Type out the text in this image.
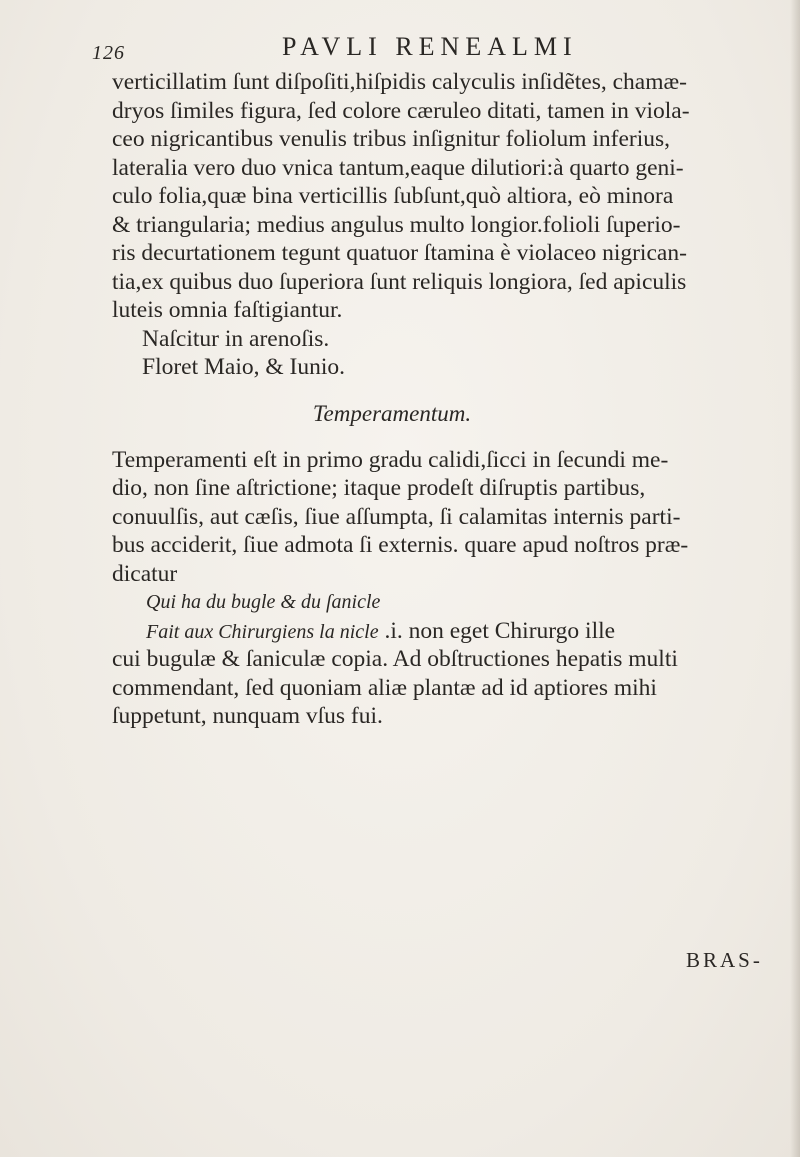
126	PAVLI RENEALMI
verticillatim ſunt diſpoſiti,hiſpidis calyculis inſidẽtes, chamæ-
dryos ſimiles figura, ſed colore cæruleo ditati, tamen in viola-
ceo nigricantibus venulis tribus inſignitur foliolum inferius,
lateralia vero duo vnica tantum,eaque dilutiori:à quarto geni-
culo folia,quæ bina verticillis ſubſunt,quò altiora, eò minora
& triangularia; medius angulus multo longior.folioli ſuperio-
ris decurtationem tegunt quatuor ſtamina è violaceo nigrican-
tia,ex quibus duo ſuperiora ſunt reliquis longiora, ſed apiculis
luteis omnia faſtigiantur.
Naſcitur in arenoſis.
Floret Maio, & Iunio.
Temperamentum.
Temperamenti eſt in primo gradu calidi,ſicci in ſecundi me-
dio, non ſine aſtrictione; itaque prodeſt diſruptis partibus,
conuulſis, aut cæſis, ſiue aſſumpta, ſi calamitas internis parti-
bus acciderit, ſiue admota ſi externis. quare apud noſtros præ-
dicatur
Qui ha du bugle & du ſanicle
Fait aux Chirurgiens la nicle .i. non eget Chirurgo ille
cui bugulæ & ſaniculæ copia. Ad obſtructiones hepatis multi
commendant, ſed quoniam aliæ plantæ ad id aptiores mihi
ſuppetunt, nunquam vſus fui.
BRAS-
